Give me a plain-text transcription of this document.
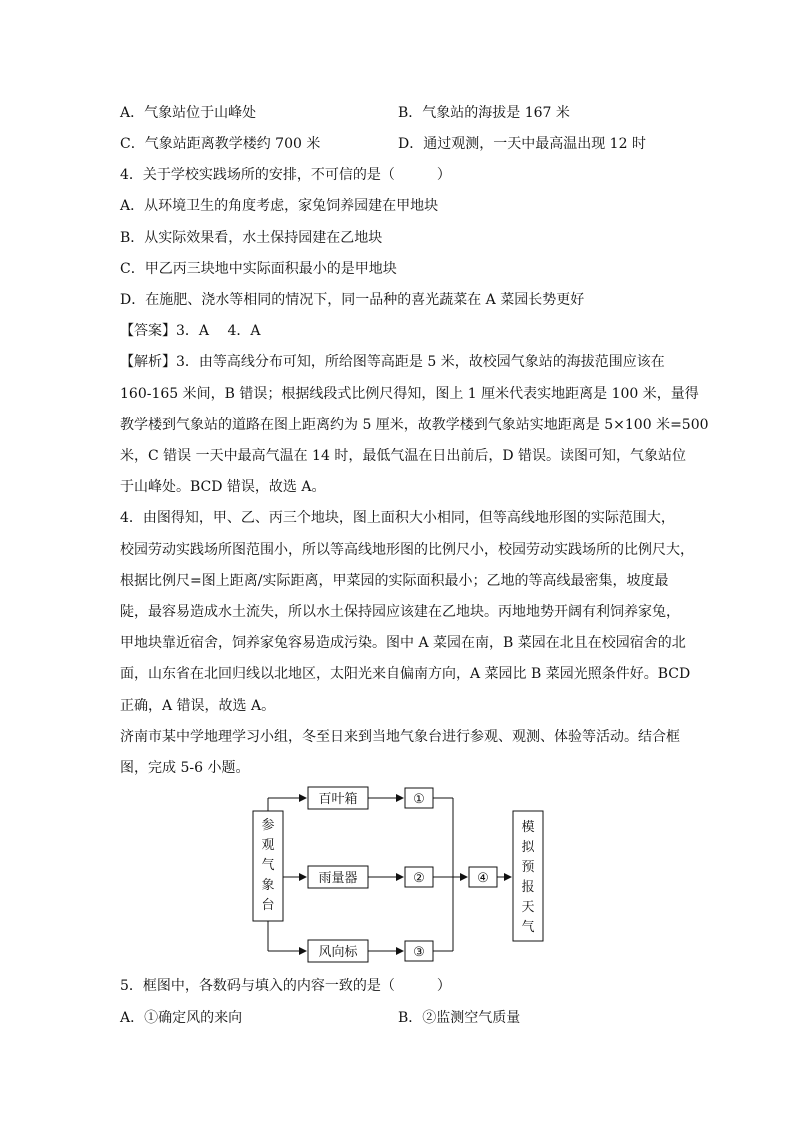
A．气象站位于山峰处	B．气象站的海拔是 167 米
C．气象站距离教学楼约 700 米	D．通过观测，一天中最高温出现 12 时
4．关于学校实践场所的安排，不可信的是（　　　）
A．从环境卫生的角度考虑，家兔饲养园建在甲地块
B．从实际效果看，水土保持园建在乙地块
C．甲乙丙三块地中实际面积最小的是甲地块
D．在施肥、浇水等相同的情况下，同一品种的喜光蔬菜在 A 菜园长势更好
【答案】3．A　 4．A
【解析】3．由等高线分布可知，所给图等高距是 5 米，故校园气象站的海拔范围应该在
160-165 米间，B 错误；根据线段式比例尺得知，图上 1 厘米代表实地距离是 100 米，量得
教学楼到气象站的道路在图上距离约为 5 厘米，故教学楼到气象站实地距离是 5×100 米=500
米，C 错误 一天中最高气温在 14 时，最低气温在日出前后，D 错误。读图可知，气象站位
于山峰处。BCD 错误，故选 A。
4．由图得知，甲、乙、丙三个地块，图上面积大小相同，但等高线地形图的实际范围大，
校园劳动实践场所图范围小，所以等高线地形图的比例尺小，校园劳动实践场所的比例尺大，
根据比例尺=图上距离/实际距离，甲菜园的实际面积最小；乙地的等高线最密集，坡度最
陡，最容易造成水土流失，所以水土保持园应该建在乙地块。丙地地势开阔有利饲养家兔，
甲地块靠近宿舍，饲养家兔容易造成污染。图中 A 菜园在南，B 菜园在北且在校园宿舍的北
面，山东省在北回归线以北地区，太阳光来自偏南方向，A 菜园比 B 菜园光照条件好。BCD
正确，A 错误，故选 A。
济南市某中学地理学习小组，冬至日来到当地气象台进行参观、观测、体验等活动。结合框
图，完成 5-6 小题。
参
观
气
象
台
百叶箱
雨量器
风向标
①
②
③
④
模
拟
预
报
天
气
5．框图中，各数码与填入的内容一致的是（　　　）
A．①确定风的来向	B．②监测空气质量
